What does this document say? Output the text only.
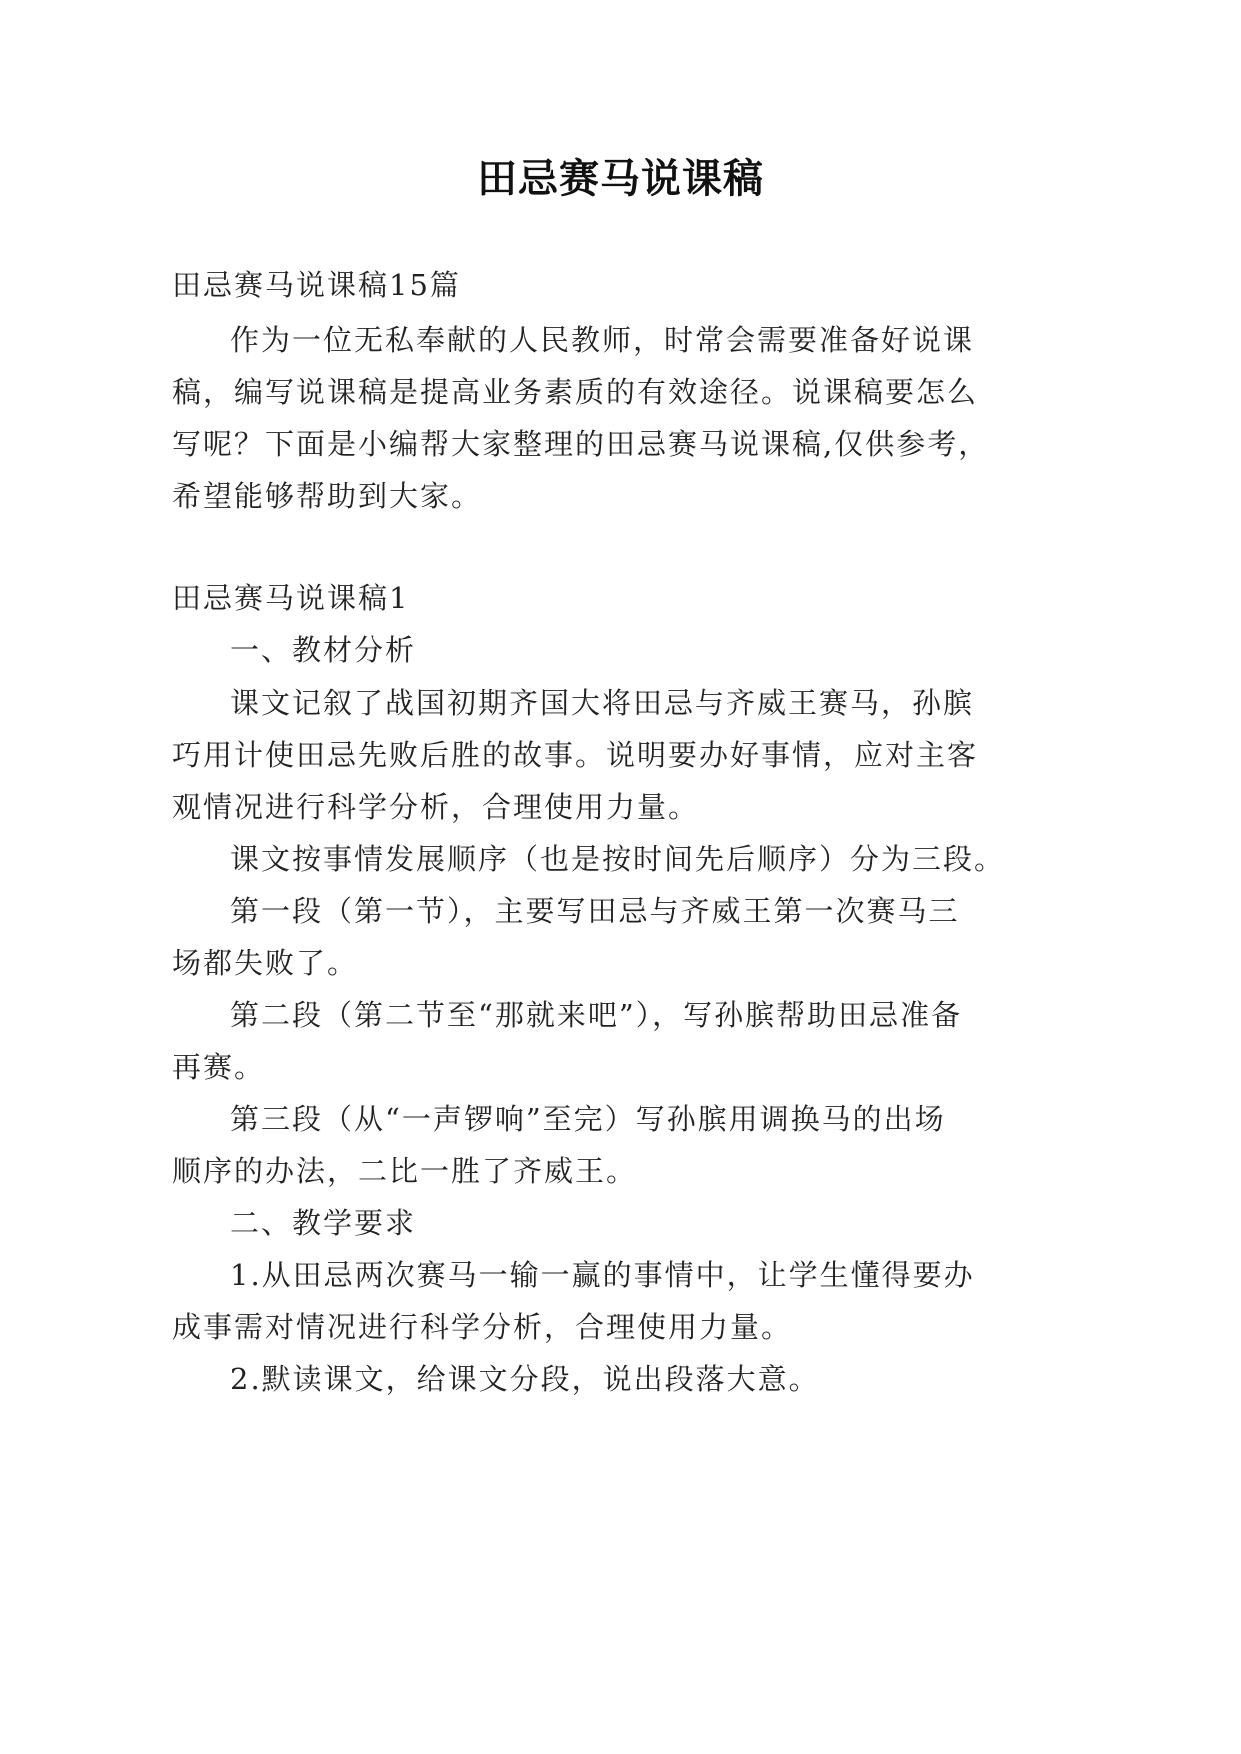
田忌赛马说课稿
田忌赛马说课稿15篇
作为一位无私奉献的人民教师，时常会需要准备好说课
稿，编写说课稿是提高业务素质的有效途径。说课稿要怎么
写呢？下面是小编帮大家整理的田忌赛马说课稿,仅供参考，
希望能够帮助到大家。
田忌赛马说课稿1
一、教材分析
课文记叙了战国初期齐国大将田忌与齐威王赛马，孙膑
巧用计使田忌先败后胜的故事。说明要办好事情，应对主客
观情况进行科学分析，合理使用力量。
课文按事情发展顺序（也是按时间先后顺序）分为三段。
第一段（第一节），主要写田忌与齐威王第一次赛马三
场都失败了。
第二段（第二节至“那就来吧”），写孙膑帮助田忌准备
再赛。
第三段（从“一声锣响”至完）写孙膑用调换马的出场
顺序的办法，二比一胜了齐威王。
二、教学要求
1.从田忌两次赛马一输一赢的事情中，让学生懂得要办
成事需对情况进行科学分析，合理使用力量。
2.默读课文，给课文分段，说出段落大意。
